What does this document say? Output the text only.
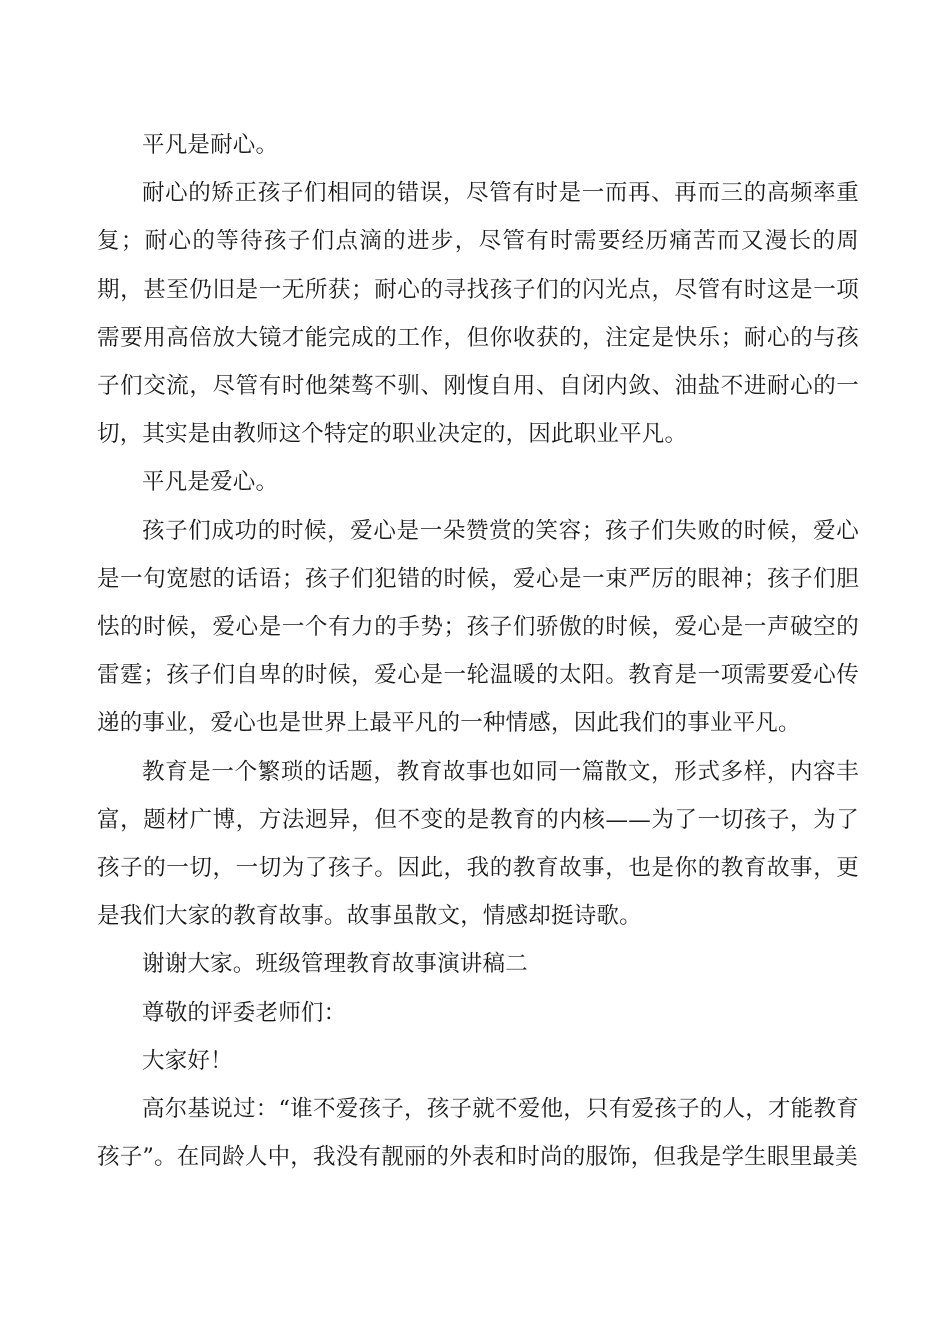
平凡是耐心。

耐心的矫正孩子们相同的错误，尽管有时是一而再、再而三的高频率重复；耐心的等待孩子们点滴的进步，尽管有时需要经历痛苦而又漫长的周期，甚至仍旧是一无所获；耐心的寻找孩子们的闪光点，尽管有时这是一项需要用高倍放大镜才能完成的工作，但你收获的，注定是快乐；耐心的与孩子们交流，尽管有时他桀骜不驯、刚愎自用、自闭内敛、油盐不进耐心的一切，其实是由教师这个特定的职业决定的，因此职业平凡。

平凡是爱心。

孩子们成功的时候，爱心是一朵赞赏的笑容；孩子们失败的时候，爱心是一句宽慰的话语；孩子们犯错的时候，爱心是一束严厉的眼神；孩子们胆怯的时候，爱心是一个有力的手势；孩子们骄傲的时候，爱心是一声破空的雷霆；孩子们自卑的时候，爱心是一轮温暖的太阳。教育是一项需要爱心传递的事业，爱心也是世界上最平凡的一种情感，因此我们的事业平凡。

教育是一个繁琐的话题，教育故事也如同一篇散文，形式多样，内容丰富，题材广博，方法迥异，但不变的是教育的内核——为了一切孩子，为了孩子的一切，一切为了孩子。因此，我的教育故事，也是你的教育故事，更是我们大家的教育故事。故事虽散文，情感却挺诗歌。

谢谢大家。班级管理教育故事演讲稿二

尊敬的评委老师们：

大家好！

高尔基说过：“谁不爱孩子，孩子就不爱他，只有爱孩子的人，才能教育孩子”。在同龄人中，我没有靓丽的外表和时尚的服饰，但我是学生眼里最美
